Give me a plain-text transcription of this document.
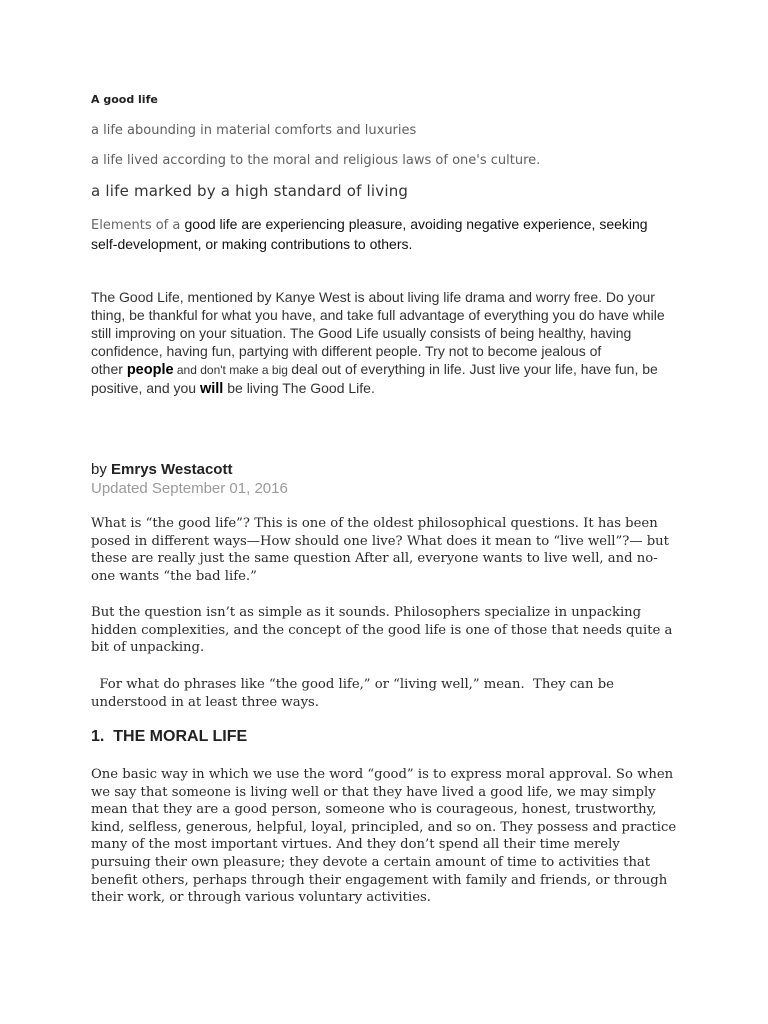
A good life

a life abounding in material comforts and luxuries

a life lived according to the moral and religious laws of one's culture.

a life marked by a high standard of living

Elements of a good life are experiencing pleasure, avoiding negative experience, seeking
self-development, or making contributions to others.

The Good Life, mentioned by Kanye West is about living life drama and worry free. Do your
thing, be thankful for what you have, and take full advantage of everything you do have while
still improving on your situation. The Good Life usually consists of being healthy, having
confidence, having fun, partying with different people. Try not to become jealous of
other people and don't make a big deal out of everything in life. Just live your life, have fun, be
positive, and you will be living The Good Life.

by Emrys Westacott

Updated September 01, 2016

What is “the good life”? This is one of the oldest philosophical questions. It has been
posed in different ways—How should one live? What does it mean to “live well”?— but
these are really just the same question After all, everyone wants to live well, and no-
one wants “the bad life.”

But the question isn’t as simple as it sounds. Philosophers specialize in unpacking
hidden complexities, and the concept of the good life is one of those that needs quite a
bit of unpacking.

For what do phrases like “the good life,” or “living well,” mean.  They can be
understood in at least three ways.

1.  THE MORAL LIFE

One basic way in which we use the word “good” is to express moral approval. So when
we say that someone is living well or that they have lived a good life, we may simply
mean that they are a good person, someone who is courageous, honest, trustworthy,
kind, selfless, generous, helpful, loyal, principled, and so on. They possess and practice
many of the most important virtues. And they don’t spend all their time merely
pursuing their own pleasure; they devote a certain amount of time to activities that
benefit others, perhaps through their engagement with family and friends, or through
their work, or through various voluntary activities.
